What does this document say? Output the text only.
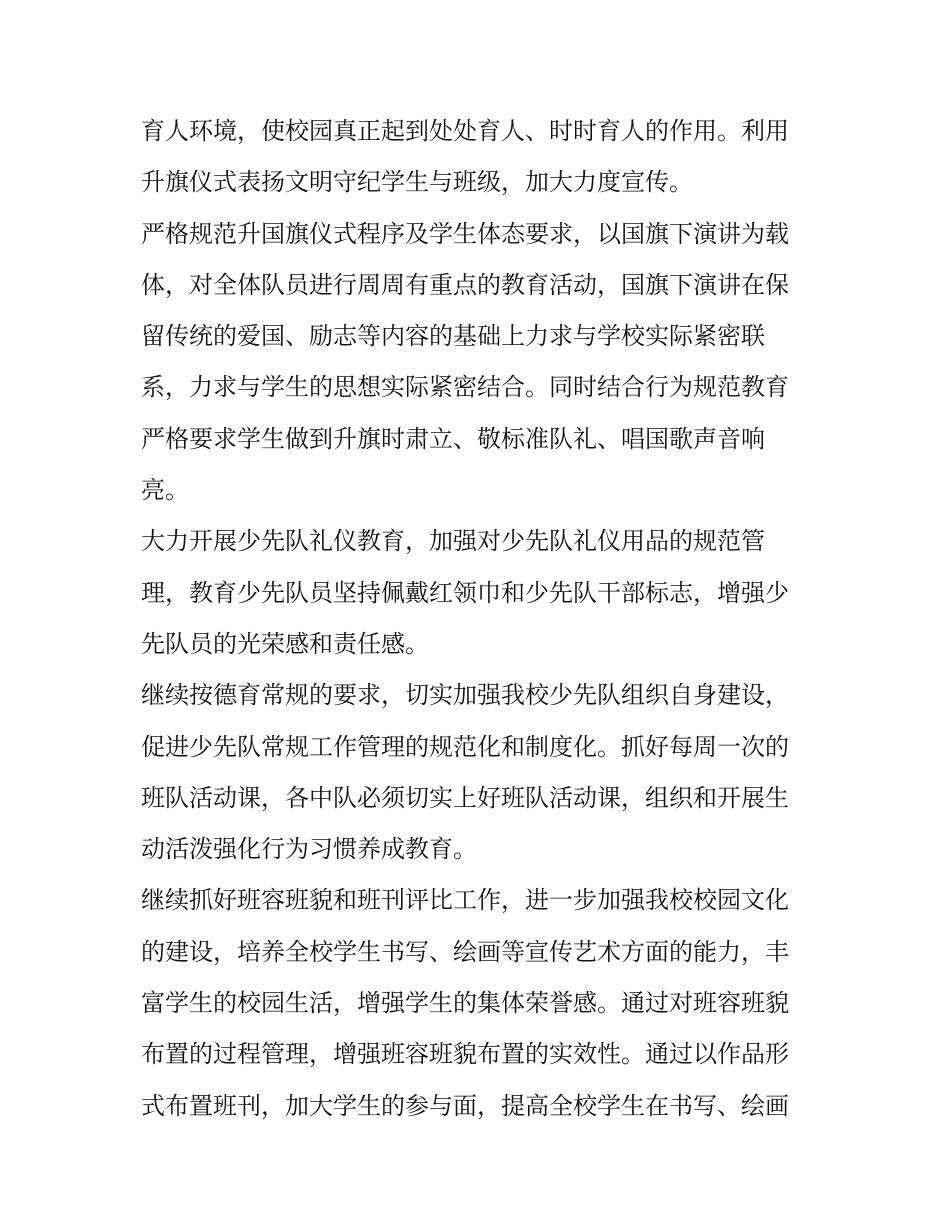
育人环境，使校园真正起到处处育人、时时育人的作用。利用
升旗仪式表扬文明守纪学生与班级，加大力度宣传。
严格规范升国旗仪式程序及学生体态要求，以国旗下演讲为载
体，对全体队员进行周周有重点的教育活动，国旗下演讲在保
留传统的爱国、励志等内容的基础上力求与学校实际紧密联
系，力求与学生的思想实际紧密结合。同时结合行为规范教育
严格要求学生做到升旗时肃立、敬标准队礼、唱国歌声音响
亮。
大力开展少先队礼仪教育，加强对少先队礼仪用品的规范管
理，教育少先队员坚持佩戴红领巾和少先队干部标志，增强少
先队员的光荣感和责任感。
继续按德育常规的要求，切实加强我校少先队组织自身建设，
促进少先队常规工作管理的规范化和制度化。抓好每周一次的
班队活动课，各中队必须切实上好班队活动课，组织和开展生
动活泼强化行为习惯养成教育。
继续抓好班容班貌和班刊评比工作，进一步加强我校校园文化
的建设，培养全校学生书写、绘画等宣传艺术方面的能力，丰
富学生的校园生活，增强学生的集体荣誉感。通过对班容班貌
布置的过程管理，增强班容班貌布置的实效性。通过以作品形
式布置班刊，加大学生的参与面，提高全校学生在书写、绘画
